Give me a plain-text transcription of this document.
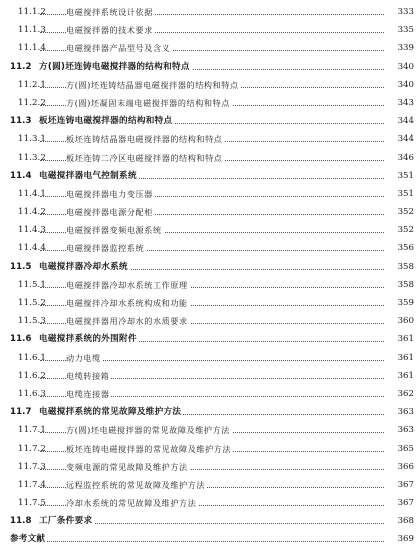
11.1.2 电磁搅拌系统设计依据	333
11.1.3 电磁搅拌器的技术要求	335
11.1.4 电磁搅拌器产品型号及含义	339
11.2 方(圆)坯连铸电磁搅拌器的结构和特点	340
11.2.1 方(圆)坯连铸结晶器电磁搅拌器的结构和特点	340
11.2.2 方(圆)坯凝固末端电磁搅拌器的结构和特点	343
11.3 板坯连铸电磁搅拌器的结构和特点	344
11.3.1 板坯连铸结晶器电磁搅拌器的结构和特点	344
11.3.2 板坯连铸二冷区电磁搅拌器的结构和特点	346
11.4 电磁搅拌器电气控制系统	351
11.4.1 电磁搅拌器电力变压器	351
11.4.2 电磁搅拌器电源分配柜	352
11.4.3 电磁搅拌器变频电源系统	352
11.4.4 电磁搅拌器监控系统	356
11.5 电磁搅拌器冷却水系统	358
11.5.1 电磁搅拌器冷却水系统工作原理	358
11.5.2 电磁搅拌冷却水系统构成和功能	359
11.5.3 电磁搅拌器用冷却水的水质要求	360
11.6 电磁搅拌系统的外围附件	361
11.6.1 动力电缆	361
11.6.2 电缆转接箱	361
11.6.3 电缆连接器	362
11.7 电磁搅拌系统的常见故障及维护方法	363
11.7.1 方(圆)坯电磁搅拌器的常见故障及维护方法	363
11.7.2 板坯连铸电磁搅拌器的常见故障及维护方法	365
11.7.3 变频电源的常见故障及维护方法	366
11.7.4 远程监控系统的常见故障及维护方法	367
11.7.5 冷却水系统的常见故障及维护方法	367
11.8 工厂条件要求	368
参考文献	369
